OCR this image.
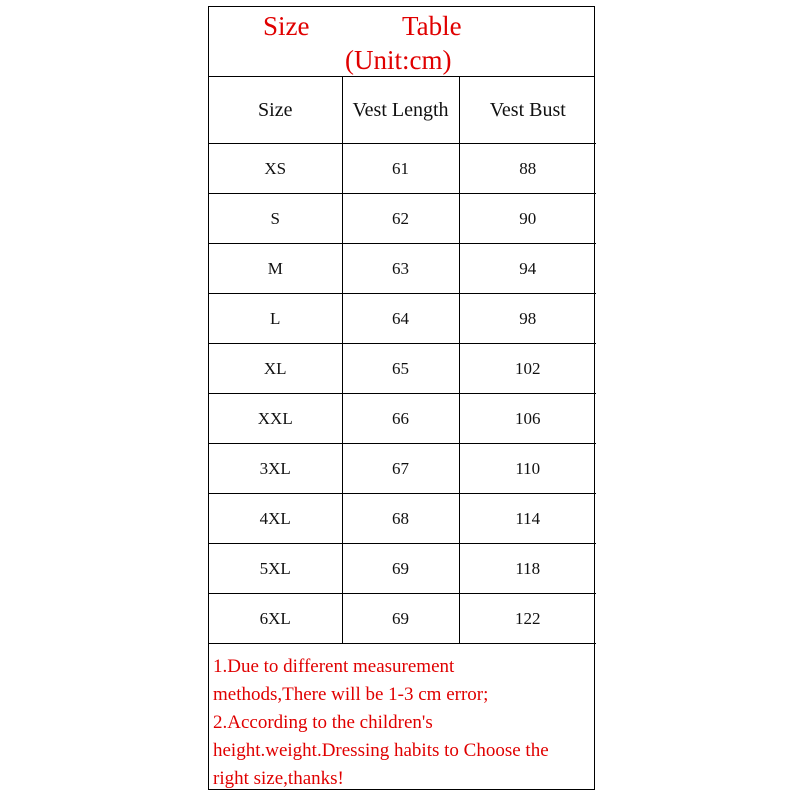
Size	Table
(Unit:cm)
Size	Vest Length	Vest Bust
XS	61	88
S	62	90
M	63	94
L	64	98
XL	65	102
XXL	66	106
3XL	67	110
4XL	68	114
5XL	69	118
6XL	69	122
1.Due to different measurement
methods,There will be 1-3 cm error;
2.According to the children's
height.weight.Dressing habits to Choose the
right size,thanks!
